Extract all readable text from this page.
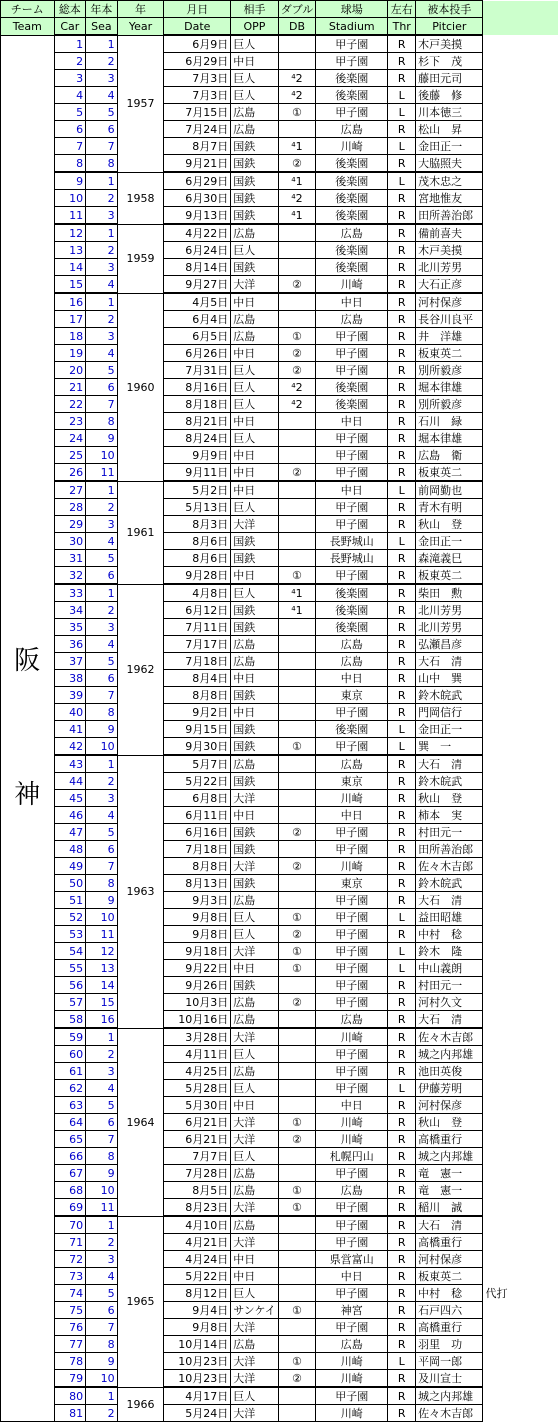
チーム	総本	年本	年	月日	相手	ダブル	球場	左右	被本投手	
Team	Car	Sea	Year	Date	OPP	DB	Stadium	Thr	Pitcier	

阪
神	1	1	1957	6月9日	巨人		甲子園	R	木戸美摸	
	2	2		6月29日	中日		甲子園	R	杉下　茂	
	3	3		7月3日	巨人	⁴2	後楽園	R	藤田元司	
	4	4		7月3日	巨人	⁴2	後楽園	L	後藤　修	
	5	5		7月15日	広島	①	甲子園	L	川本徳三	
	6	6		7月24日	広島		広島	R	松山　昇	
	7	7		8月7日	国鉄	⁴1	川崎	L	金田正一	
	8	8		9月21日	国鉄	②	後楽園	R	大脇照夫	
	9	1	1958	6月29日	国鉄	⁴1	後楽園	L	茂木忠之	
	10	2		6月30日	国鉄	⁴2	後楽園	R	宮地惟友	
	11	3		9月13日	国鉄	⁴1	後楽園	R	田所善治郎	
	12	1	1959	4月22日	広島		広島	R	備前喜夫	
	13	2		6月24日	巨人		後楽園	R	木戸美摸	
	14	3		8月14日	国鉄		後楽園	R	北川芳男	
	15	4		9月27日	大洋	②	川崎	R	大石正彦	
	16	1	1960	4月5日	中日		中日	R	河村保彦	
	17	2		6月4日	広島		広島	R	長谷川良平	
	18	3		6月5日	広島	①	甲子園	R	井　洋雄	
	19	4		6月26日	中日	②	甲子園	R	板東英二	
	20	5		7月31日	巨人	②	甲子園	R	別所毅彦	
	21	6		8月16日	巨人	⁴2	後楽園	R	堀本律雄	
	22	7		8月18日	巨人	⁴2	後楽園	R	別所毅彦	
	23	8		8月21日	中日		中日	R	石川　緑	
	24	9		8月24日	巨人		甲子園	R	堀本律雄	
	25	10		9月9日	中日		甲子園	R	広島　衛	
	26	11		9月11日	中日	②	甲子園	R	板東英二	
	27	1	1961	5月2日	中日		中日	L	前岡勤也	
	28	2		5月13日	巨人		甲子園	R	青木有明	
	29	3		8月3日	大洋		甲子園	R	秋山　登	
	30	4		8月6日	国鉄		長野城山	L	金田正一	
	31	5		8月6日	国鉄		長野城山	R	森滝義巳	
	32	6		9月28日	中日	①	甲子園	R	板東英二	
	33	1	1962	4月8日	巨人	⁴1	後楽園	R	柴田　勲	
	34	2		6月12日	国鉄	⁴1	後楽園	R	北川芳男	
	35	3		7月11日	国鉄		後楽園	R	北川芳男	
	36	4		7月17日	広島		広島	R	弘瀬昌彦	
	37	5		7月18日	広島		広島	R	大石　清	
	38	6		8月4日	中日		中日	R	山中　巽	
	39	7		8月8日	国鉄		東京	R	鈴木皖武	
	40	8		9月2日	中日		甲子園	R	門岡信行	
	41	9		9月15日	国鉄		後楽園	L	金田正一	
	42	10		9月30日	国鉄	①	甲子園	L	巽　一	
	43	1	1963	5月7日	広島		広島	R	大石　清	
	44	2		5月22日	国鉄		東京	R	鈴木皖武	
	45	3		6月8日	大洋		川崎	R	秋山　登	
	46	4		6月11日	中日		中日	R	柿本　実	
	47	5		6月16日	国鉄	②	甲子園	R	村田元一	
	48	6		7月18日	国鉄		甲子園	R	田所善治郎	
	49	7		8月8日	大洋	②	川崎	R	佐々木吉郎	
	50	8		8月13日	国鉄		東京	R	鈴木皖武	
	51	9		9月3日	広島		甲子園	R	大石　清	
	52	10		9月8日	巨人	①	甲子園	L	益田昭雄	
	53	11		9月8日	巨人	②	甲子園	R	中村　稔	
	54	12		9月18日	大洋	①	甲子園	L	鈴木　隆	
	55	13		9月22日	中日	①	甲子園	L	中山義朗	
	56	14		9月26日	国鉄		甲子園	R	村田元一	
	57	15		10月3日	広島	②	甲子園	R	河村久文	
	58	16		10月16日	広島		広島	R	大石　清	
	59	1	1964	3月28日	大洋		川崎	R	佐々木吉郎	
	60	2		4月11日	巨人		甲子園	R	城之内邦雄	
	61	3		4月25日	広島		甲子園	R	池田英俊	
	62	4		5月28日	巨人		甲子園	L	伊藤芳明	
	63	5		5月30日	中日		中日	R	河村保彦	
	64	6		6月21日	大洋	①	川崎	R	秋山　登	
	65	7		6月21日	大洋	②	川崎	R	高橋重行	
	66	8		7月7日	巨人		札幌円山	R	城之内邦雄	
	67	9		7月28日	広島		甲子園	R	竜　憲一	
	68	10		8月5日	広島	①	広島	R	竜　憲一	
	69	11		8月23日	大洋	①	甲子園	R	稲川　誠	
	70	1	1965	4月10日	広島		甲子園	R	大石　清	
	71	2		4月21日	大洋		甲子園	R	高橋重行	
	72	3		4月24日	中日		県営富山	R	河村保彦	
	73	4		5月22日	中日		中日	R	板東英二	
	74	5		8月12日	巨人		甲子園	R	中村　稔	代打
	75	6		9月4日	サンケイ	①	神宮	R	石戸四六	
	76	7		9月8日	大洋		甲子園	R	高橋重行	
	77	8		10月14日	広島		広島	R	羽里　功	
	78	9		10月23日	大洋	①	川崎	L	平岡一郎	
	79	10		10月23日	大洋	②	川崎	R	及川宣士	
	80	1	1966	4月17日	巨人		甲子園	R	城之内邦雄	
	81	2		5月24日	大洋		川崎	R	佐々木吉郎	
